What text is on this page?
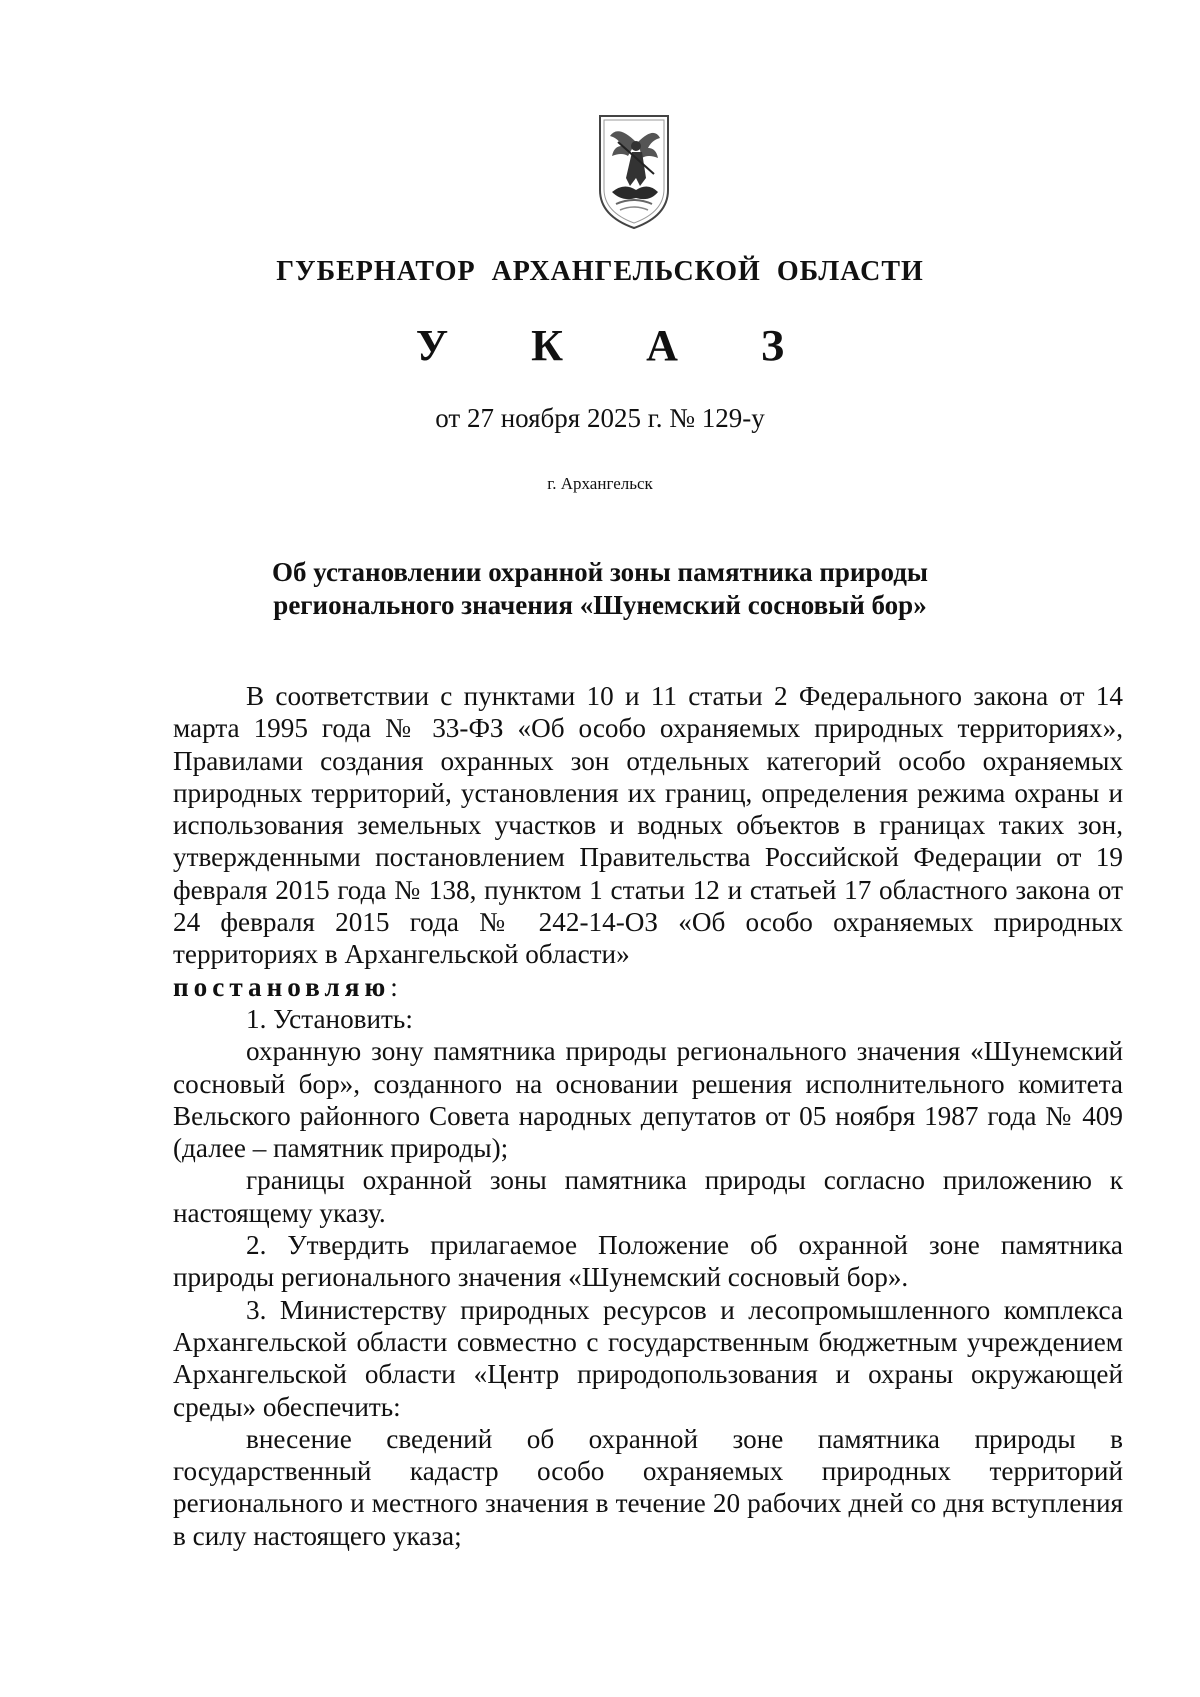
ГУБЕРНАТОР АРХАНГЕЛЬСКОЙ ОБЛАСТИ
У К А З
от 27 ноября 2025 г. № 129-у
г. Архангельск
Об установлении охранной зоны памятника природы
регионального значения «Шунемский сосновый бор»

В соответствии с пунктами 10 и 11 статьи 2 Федерального закона от 14 марта 1995 года № 33-ФЗ «Об особо охраняемых природных территориях», Правилами создания охранных зон отдельных категорий особо охраняемых природных территорий, установления их границ, определения режима охраны и использования земельных участков и водных объектов в границах таких зон, утвержденными постановлением Правительства Российской Федерации от 19 февраля 2015 года № 138, пунктом 1 статьи 12 и статьей 17 областного закона от 24 февраля 2015 года № 242-14-ОЗ «Об особо охраняемых природных территориях в Архангельской области»

постановляю:

1. Установить:

охранную зону памятника природы регионального значения «Шунемский сосновый бор», созданного на основании решения исполнительного комитета Вельского районного Совета народных депутатов от 05 ноября 1987 года № 409 (далее – памятник природы);

границы охранной зоны памятника природы согласно приложению к настоящему указу.

2. Утвердить прилагаемое Положение об охранной зоне памятника природы регионального значения «Шунемский сосновый бор».

3. Министерству природных ресурсов и лесопромышленного комплекса Архангельской области совместно с государственным бюджетным учреждением Архангельской области «Центр природопользования и охраны окружающей среды» обеспечить:

внесение сведений об охранной зоне памятника природы в государственный кадастр особо охраняемых природных территорий регионального и местного значения в течение 20 рабочих дней со дня вступления в силу настоящего указа;
